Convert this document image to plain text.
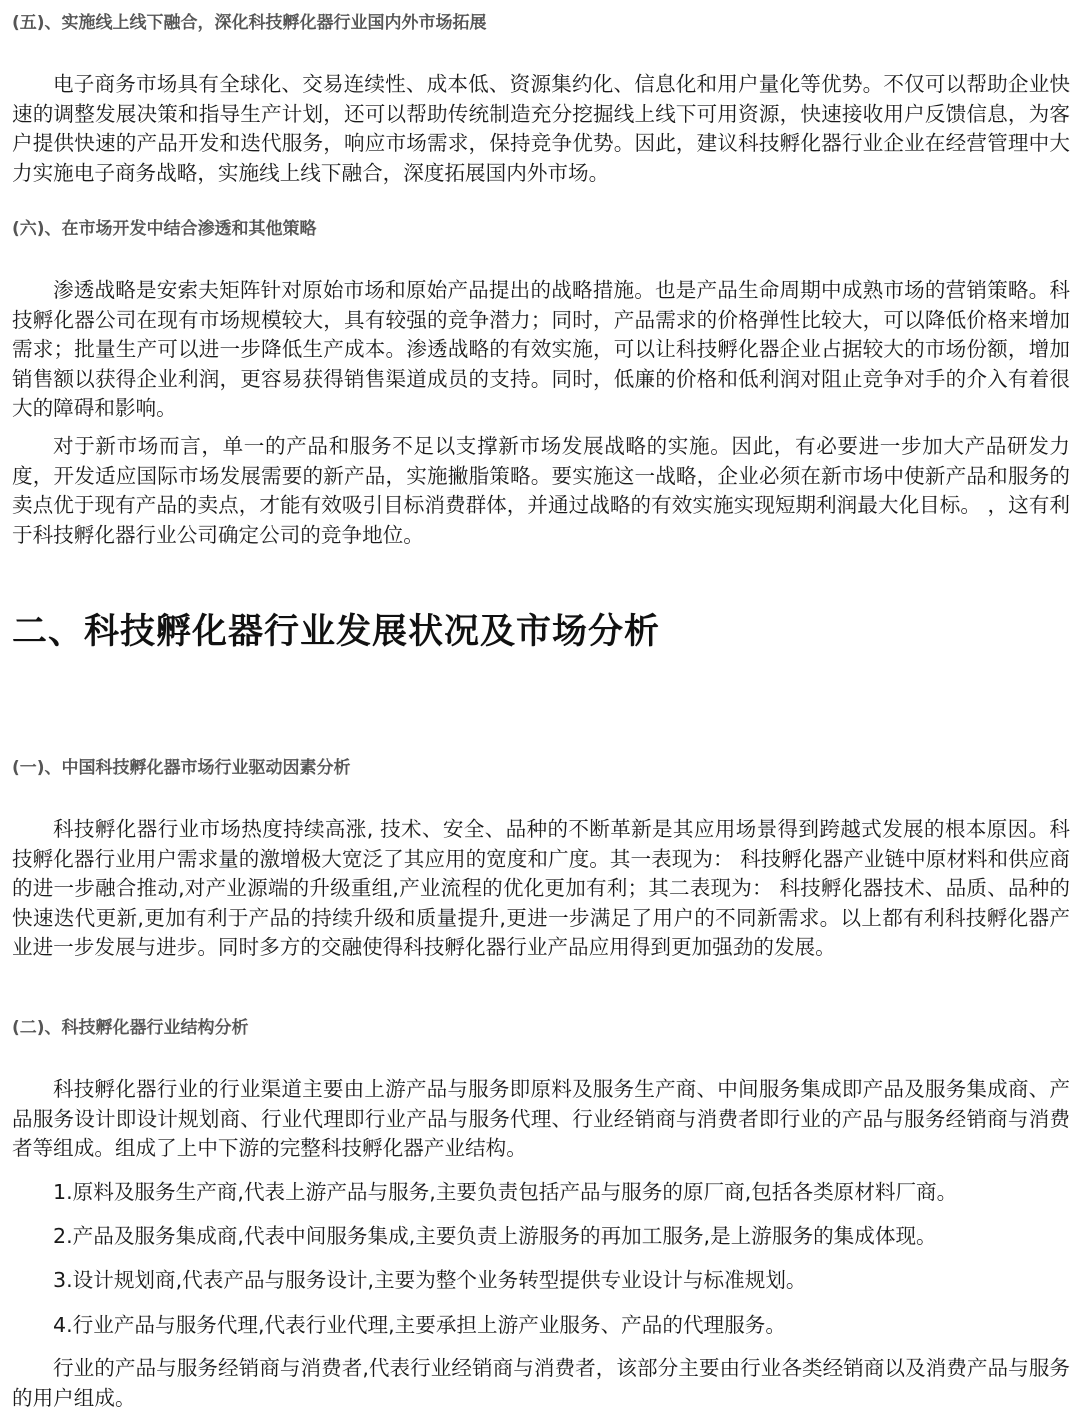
(五)、实施线上线下融合，深化科技孵化器行业国内外市场拓展

电子商务市场具有全球化、交易连续性、成本低、资源集约化、信息化和用户量化等优势。不仅可以帮助企业快速的调整发展决策和指导生产计划，还可以帮助传统制造充分挖掘线上线下可用资源，快速接收用户反馈信息，为客户提供快速的产品开发和迭代服务，响应市场需求，保持竞争优势。因此，建议科技孵化器行业企业在经营管理中大力实施电子商务战略，实施线上线下融合，深度拓展国内外市场。

(六)、在市场开发中结合渗透和其他策略

渗透战略是安索夫矩阵针对原始市场和原始产品提出的战略措施。也是产品生命周期中成熟市场的营销策略。科技孵化器公司在现有市场规模较大，具有较强的竞争潜力；同时，产品需求的价格弹性比较大，可以降低价格来增加需求；批量生产可以进一步降低生产成本。渗透战略的有效实施，可以让科技孵化器企业占据较大的市场份额，增加销售额以获得企业利润，更容易获得销售渠道成员的支持。同时，低廉的价格和低利润对阻止竞争对手的介入有着很大的障碍和影响。

对于新市场而言，单一的产品和服务不足以支撑新市场发展战略的实施。因此，有必要进一步加大产品研发力度，开发适应国际市场发展需要的新产品，实施撇脂策略。要实施这一战略，企业必须在新市场中使新产品和服务的卖点优于现有产品的卖点，才能有效吸引目标消费群体，并通过战略的有效实施实现短期利润最大化目标。 ，这有利于科技孵化器行业公司确定公司的竞争地位。

二、科技孵化器行业发展状况及市场分析
(一)、中国科技孵化器市场行业驱动因素分析

科技孵化器行业市场热度持续高涨, 技术、安全、品种的不断革新是其应用场景得到跨越式发展的根本原因。科技孵化器行业用户需求量的激增极大宽泛了其应用的宽度和广度。其一表现为： 科技孵化器产业链中原材料和供应商的进一步融合推动,对产业源端的升级重组,产业流程的优化更加有利；其二表现为： 科技孵化器技术、品质、品种的快速迭代更新,更加有利于产品的持续升级和质量提升,更进一步满足了用户的不同新需求。以上都有利科技孵化器产业进一步发展与进步。同时多方的交融使得科技孵化器行业产品应用得到更加强劲的发展。

(二)、科技孵化器行业结构分析

科技孵化器行业的行业渠道主要由上游产品与服务即原料及服务生产商、中间服务集成即产品及服务集成商、产品服务设计即设计规划商、行业代理即行业产品与服务代理、行业经销商与消费者即行业的产品与服务经销商与消费者等组成。组成了上中下游的完整科技孵化器产业结构。

1.原料及服务生产商,代表上游产品与服务,主要负责包括产品与服务的原厂商,包括各类原材料厂商。

2.产品及服务集成商,代表中间服务集成,主要负责上游服务的再加工服务,是上游服务的集成体现。

3.设计规划商,代表产品与服务设计,主要为整个业务转型提供专业设计与标准规划。

4.行业产品与服务代理,代表行业代理,主要承担上游产业服务、产品的代理服务。

行业的产品与服务经销商与消费者,代表行业经销商与消费者，该部分主要由行业各类经销商以及消费产品与服务的用户组成。
